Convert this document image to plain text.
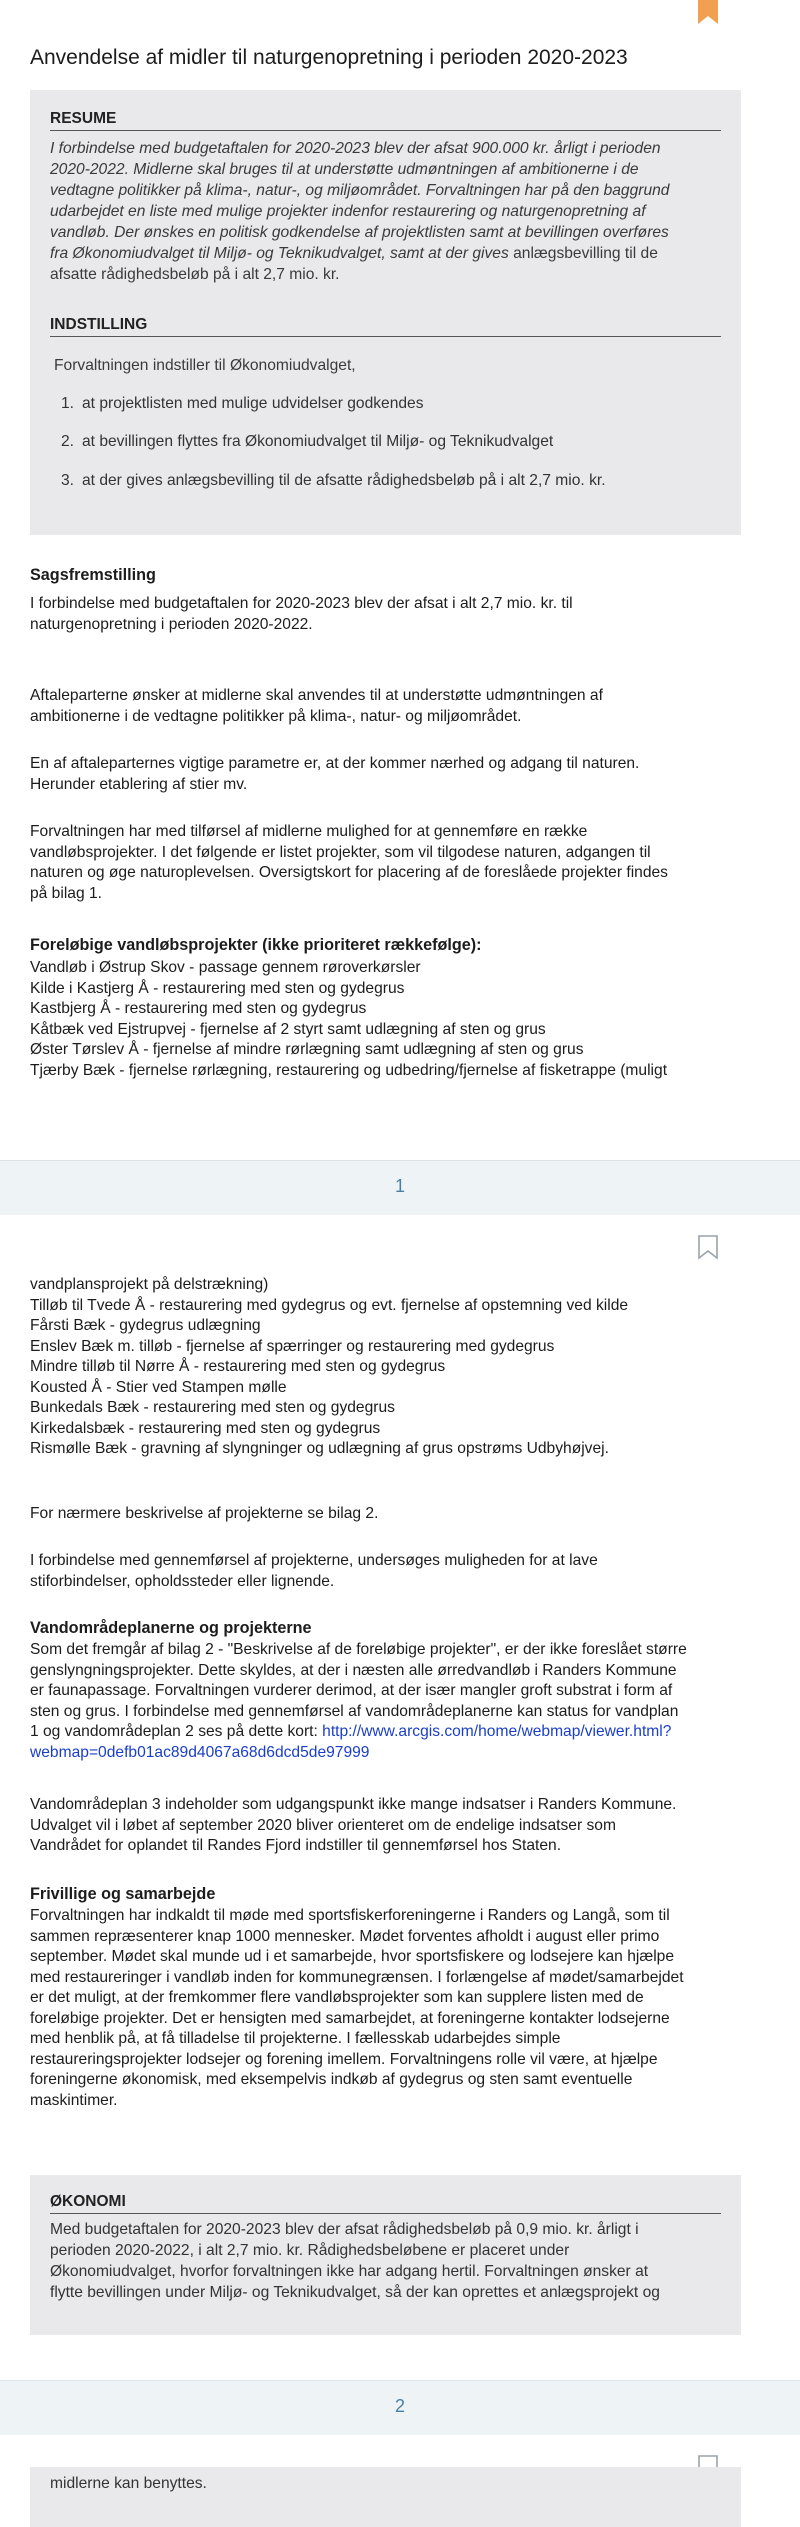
Anvendelse af midler til naturgenopretning i perioden 2020-2023
RESUME
I forbindelse med budgetaftalen for 2020-2023 blev der afsat 900.000 kr. årligt i perioden
2020-2022. Midlerne skal bruges til at understøtte udmøntningen af ambitionerne i de
vedtagne politikker på klima-, natur-, og miljøområdet. Forvaltningen har på den baggrund
udarbejdet en liste med mulige projekter indenfor restaurering og naturgenopretning af
vandløb. Der ønskes en politisk godkendelse af projektlisten samt at bevillingen overføres
fra Økonomiudvalget til Miljø- og Teknikudvalget, samt at der gives anlægsbevilling til de
afsatte rådighedsbeløb på i alt 2,7 mio. kr.
INDSTILLING
Forvaltningen indstiller til Økonomiudvalget,
1. at projektlisten med mulige udvidelser godkendes
2. at bevillingen flyttes fra Økonomiudvalget til Miljø- og Teknikudvalget
3. at der gives anlægsbevilling til de afsatte rådighedsbeløb på i alt 2,7 mio. kr.
Sagsfremstilling
I forbindelse med budgetaftalen for 2020-2023 blev der afsat i alt 2,7 mio. kr. til
naturgenopretning i perioden 2020-2022.
Aftaleparterne ønsker at midlerne skal anvendes til at understøtte udmøntningen af
ambitionerne i de vedtagne politikker på klima-, natur- og miljøområdet.
En af aftaleparternes vigtige parametre er, at der kommer nærhed og adgang til naturen.
Herunder etablering af stier mv.
Forvaltningen har med tilførsel af midlerne mulighed for at gennemføre en række
vandløbsprojekter. I det følgende er listet projekter, som vil tilgodese naturen, adgangen til
naturen og øge naturoplevelsen. Oversigtskort for placering af de foreslåede projekter findes
på bilag 1.
Foreløbige vandløbsprojekter (ikke prioriteret rækkefølge):
Vandløb i Østrup Skov - passage gennem røroverkørsler
Kilde i Kastjerg Å - restaurering med sten og gydegrus
Kastbjerg Å - restaurering med sten og gydegrus
Kåtbæk ved Ejstrupvej - fjernelse af 2 styrt samt udlægning af sten og grus
Øster Tørslev Å - fjernelse af mindre rørlægning samt udlægning af sten og grus
Tjærby Bæk - fjernelse rørlægning, restaurering og udbedring/fjernelse af fisketrappe (muligt
1
vandplansprojekt på delstrækning)
Tilløb til Tvede Å - restaurering med gydegrus og evt. fjernelse af opstemning ved kilde
Fårsti Bæk - gydegrus udlægning
Enslev Bæk m. tilløb - fjernelse af spærringer og restaurering med gydegrus
Mindre tilløb til Nørre Å - restaurering med sten og gydegrus
Kousted Å - Stier ved Stampen mølle
Bunkedals Bæk - restaurering med sten og gydegrus
Kirkedalsbæk - restaurering med sten og gydegrus
Rismølle Bæk - gravning af slyngninger og udlægning af grus opstrøms Udbyhøjvej.
For nærmere beskrivelse af projekterne se bilag 2.
I forbindelse med gennemførsel af projekterne, undersøges muligheden for at lave
stiforbindelser, opholdssteder eller lignende.
Vandområdeplanerne og projekterne
Som det fremgår af bilag 2 - "Beskrivelse af de foreløbige projekter", er der ikke foreslået større
genslyngningsprojekter. Dette skyldes, at der i næsten alle ørredvandløb i Randers Kommune
er faunapassage. Forvaltningen vurderer derimod, at der især mangler groft substrat i form af
sten og grus. I forbindelse med gennemførsel af vandområdeplanerne kan status for vandplan
1 og vandområdeplan 2 ses på dette kort: http://www.arcgis.com/home/webmap/viewer.html?
webmap=0defb01ac89d4067a68d6dcd5de97999
Vandområdeplan 3 indeholder som udgangspunkt ikke mange indsatser i Randers Kommune.
Udvalget vil i løbet af september 2020 bliver orienteret om de endelige indsatser som
Vandrådet for oplandet til Randes Fjord indstiller til gennemførsel hos Staten.
Frivillige og samarbejde
Forvaltningen har indkaldt til møde med sportsfiskerforeningerne i Randers og Langå, som til
sammen repræsenterer knap 1000 mennesker. Mødet forventes afholdt i august eller primo
september. Mødet skal munde ud i et samarbejde, hvor sportsfiskere og lodsejere kan hjælpe
med restaureringer i vandløb inden for kommunegrænsen. I forlængelse af mødet/samarbejdet
er det muligt, at der fremkommer flere vandløbsprojekter som kan supplere listen med de
foreløbige projekter. Det er hensigten med samarbejdet, at foreningerne kontakter lodsejerne
med henblik på, at få tilladelse til projekterne. I fællesskab udarbejdes simple
restaureringsprojekter lodsejer og forening imellem. Forvaltningens rolle vil være, at hjælpe
foreningerne økonomisk, med eksempelvis indkøb af gydegrus og sten samt eventuelle
maskintimer.
ØKONOMI
Med budgetaftalen for 2020-2023 blev der afsat rådighedsbeløb på 0,9 mio. kr. årligt i
perioden 2020-2022, i alt 2,7 mio. kr. Rådighedsbeløbene er placeret under
Økonomiudvalget, hvorfor forvaltningen ikke har adgang hertil. Forvaltningen ønsker at
flytte bevillingen under Miljø- og Teknikudvalget, så der kan oprettes et anlægsprojekt og
2
midlerne kan benyttes.
